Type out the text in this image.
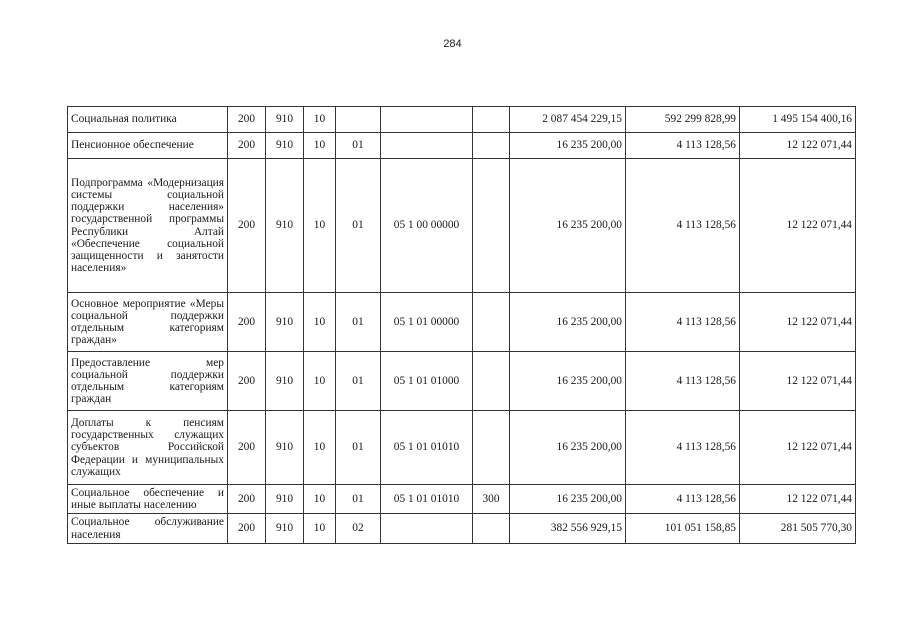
284
Социальная политика	200	910	10				2 087 454 229,15	592 299 828,99	1 495 154 400,16
Пенсионное обеспечение	200	910	10	01			16 235 200,00	4 113 128,56	12 122 071,44
Подпрограмма «Модернизация системы социальной поддержки населения» государственной программы Республики Алтай «Обеспечение социальной защищенности и занятости населения»	200	910	10	01	05 1 00 00000		16 235 200,00	4 113 128,56	12 122 071,44
Основное мероприятие «Меры социальной поддержки отдельным категориям граждан»	200	910	10	01	05 1 01 00000		16 235 200,00	4 113 128,56	12 122 071,44
Предоставление мер социальной поддержки отдельным категориям граждан	200	910	10	01	05 1 01 01000		16 235 200,00	4 113 128,56	12 122 071,44
Доплаты к пенсиям государственных служащих субъектов Российской Федерации и муниципальных служащих	200	910	10	01	05 1 01 01010		16 235 200,00	4 113 128,56	12 122 071,44
Социальное обеспечение и иные выплаты населению	200	910	10	01	05 1 01 01010	300	16 235 200,00	4 113 128,56	12 122 071,44
Социальное обслуживание населения	200	910	10	02			382 556 929,15	101 051 158,85	281 505 770,30
